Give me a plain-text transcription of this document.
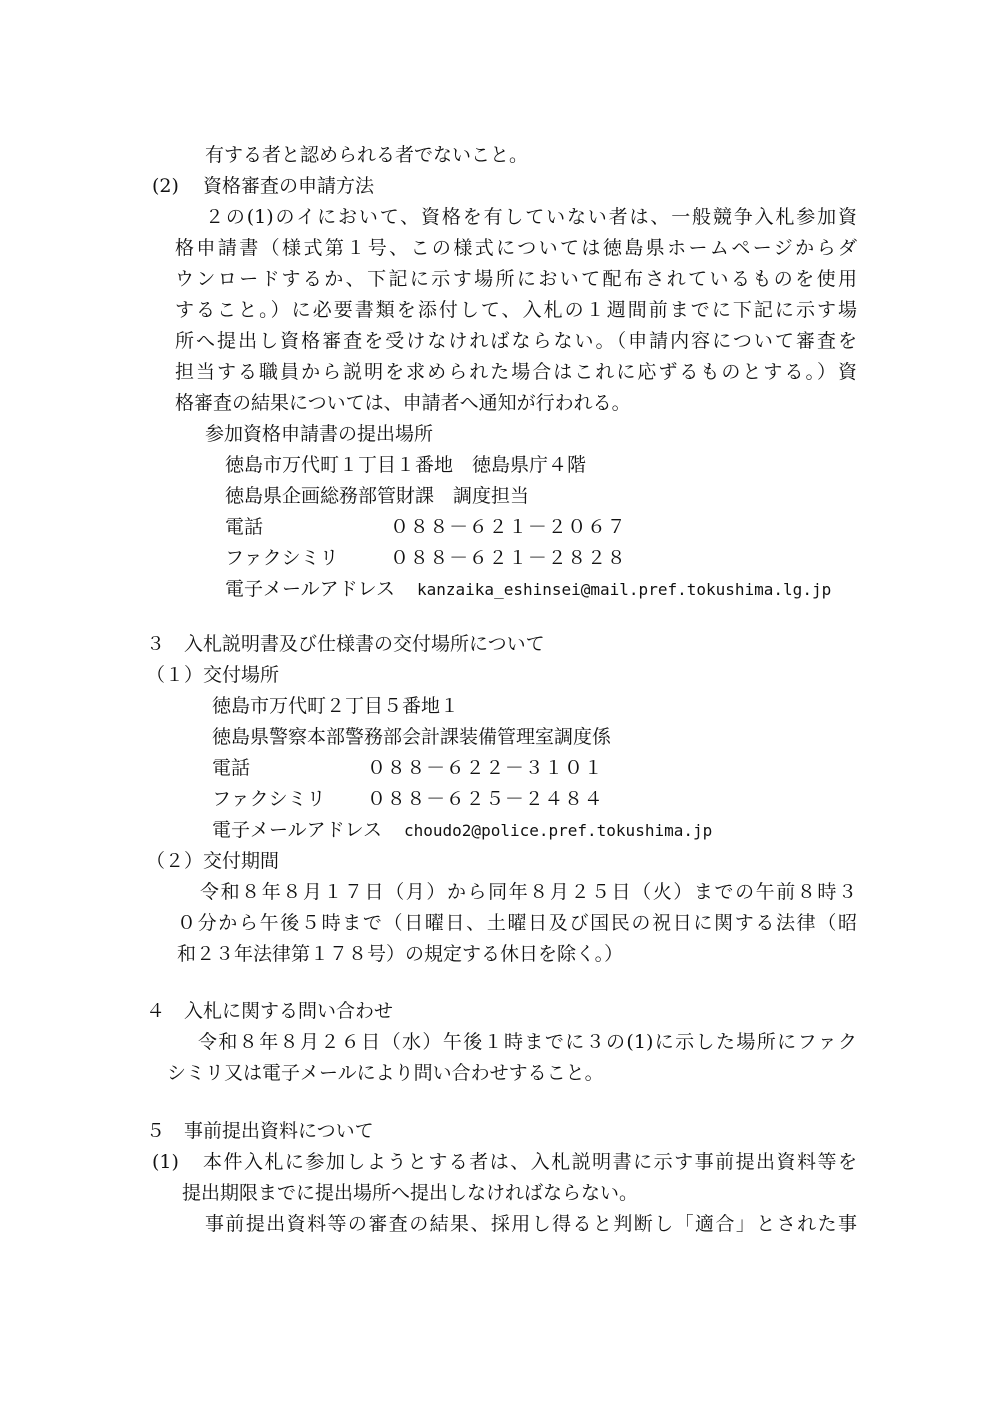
有する者と認められる者でないこと。
(2) 資格審査の申請方法
２の(1)のイにおいて、資格を有していない者は、一般競争入札参加資
格申請書（様式第１号、この様式については徳島県ホームページからダ
ウンロードするか、下記に示す場所において配布されているものを使用
すること。）に必要書類を添付して、入札の１週間前までに下記に示す場
所へ提出し資格審査を受けなければならない。（申請内容について審査を
担当する職員から説明を求められた場合はこれに応ずるものとする。）資
格審査の結果については、申請者へ通知が行われる。
参加資格申請書の提出場所
徳島市万代町１丁目１番地　徳島県庁４階
徳島県企画総務部管財課　調度担当
電話	０８８－６２１－２０６７
ファクシミリ	０８８－６２１－２８２８
電子メールアドレス kanzaika_eshinsei@mail.pref.tokushima.lg.jp
３　入札説明書及び仕様書の交付場所について
（１）交付場所
徳島市万代町２丁目５番地１
徳島県警察本部警務部会計課装備管理室調度係
電話	０８８－６２２－３１０１
ファクシミリ ０８８－６２５－２４８４
電子メールアドレス choudo2@police.pref.tokushima.jp
（２）交付期間
令和８年８月１７日（月）から同年８月２５日（火）までの午前８時３
０分から午後５時まで（日曜日、土曜日及び国民の祝日に関する法律（昭
和２３年法律第１７８号）の規定する休日を除く。）
４　入札に関する問い合わせ
令和８年８月２６日（水）午後１時までに３の(1)に示した場所にファク
シミリ又は電子メールにより問い合わせすること。
５　事前提出資料について
(1) 本件入札に参加しようとする者は、入札説明書に示す事前提出資料等を
提出期限までに提出場所へ提出しなければならない。
事前提出資料等の審査の結果、採用し得ると判断し「適合」とされた事
